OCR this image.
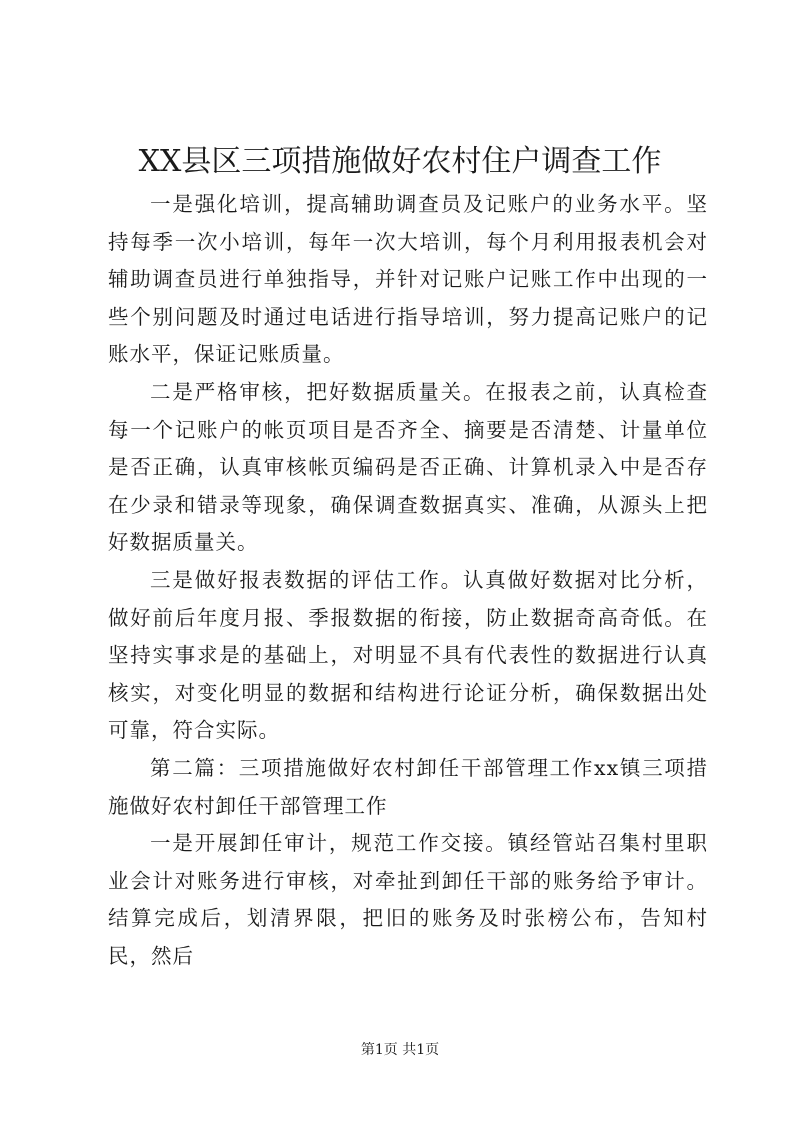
XX县区三项措施做好农村住户调查工作

一是强化培训，提高辅助调查员及记账户的业务水平。坚持每季一次小培训，每年一次大培训，每个月利用报表机会对辅助调查员进行单独指导，并针对记账户记账工作中出现的一些个别问题及时通过电话进行指导培训，努力提高记账户的记账水平，保证记账质量。

二是严格审核，把好数据质量关。在报表之前，认真检查每一个记账户的帐页项目是否齐全、摘要是否清楚、计量单位是否正确，认真审核帐页编码是否正确、计算机录入中是否存在少录和错录等现象，确保调查数据真实、准确，从源头上把好数据质量关。

三是做好报表数据的评估工作。认真做好数据对比分析，做好前后年度月报、季报数据的衔接，防止数据奇高奇低。在坚持实事求是的基础上，对明显不具有代表性的数据进行认真核实，对变化明显的数据和结构进行论证分析，确保数据出处可靠，符合实际。

第二篇：三项措施做好农村卸任干部管理工作xx镇三项措施做好农村卸任干部管理工作

一是开展卸任审计，规范工作交接。镇经管站召集村里职业会计对账务进行审核，对牵扯到卸任干部的账务给予审计。结算完成后，划清界限，把旧的账务及时张榜公布，告知村民，然后

第1页 共1页
